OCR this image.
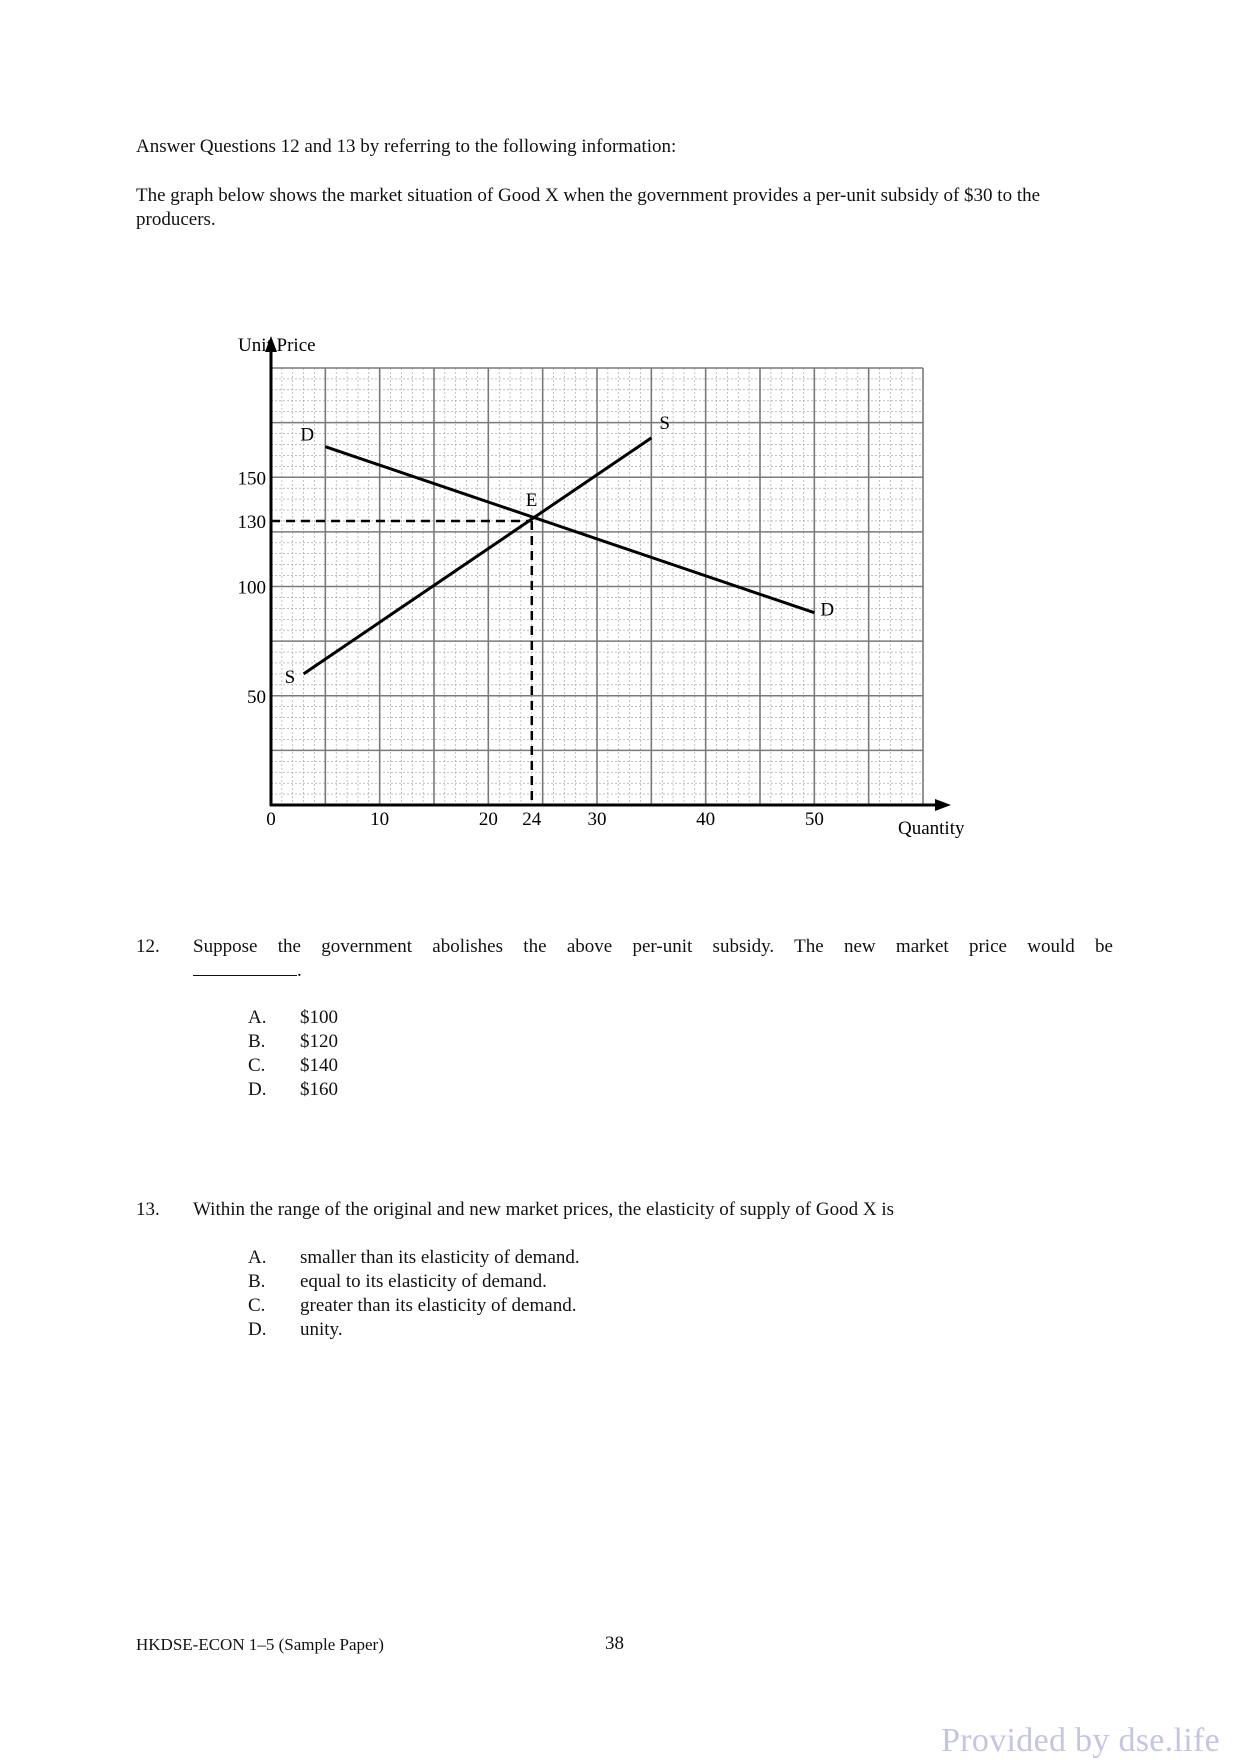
Answer Questions 12 and 13 by referring to the following information:
The graph below shows the market situation of Good X when the government provides a per-unit subsidy of $30 to the producers.
0	10	20 24 30	40	50
50
100
130
150
Unit Price
Quantity
D
D
S
S
E
12. Suppose the government abolishes the above per-unit subsidy. The new market price would be
.
A.	$100
B.	$120
C.	$140
D.	$160
13. Within the range of the original and new market prices, the elasticity of supply of Good X is
A.	smaller than its elasticity of demand.
B.	equal to its elasticity of demand.
C.	greater than its elasticity of demand.
D.	unity.
HKDSE-ECON 1–5 (Sample Paper)	38
Provided by dse.life
